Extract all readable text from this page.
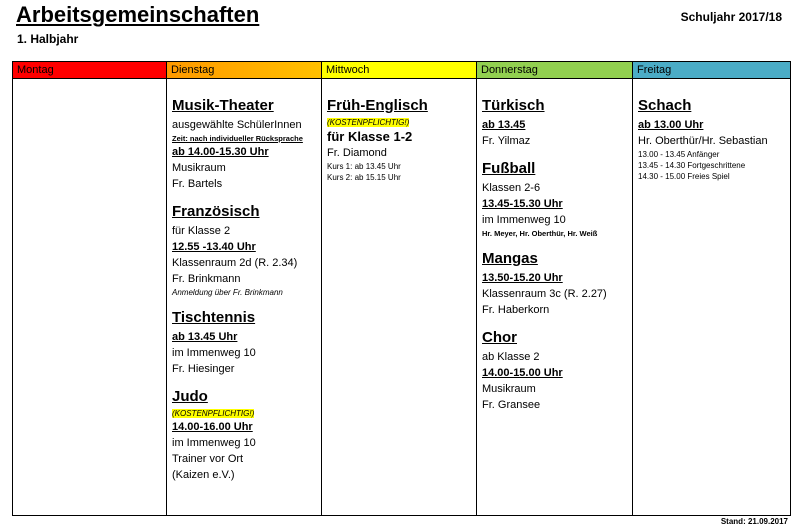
Arbeitsgemeinschaften
1. Halbjahr
Schuljahr 2017/18
Montag	Dienstag
Musik-Theater
ausgewählte SchülerInnen
Zeit: nach individueller Rücksprache
ab 14.00-15.30 Uhr
Musikraum
Fr. Bartels
Französisch
für Klasse 2
12.55 -13.40 Uhr
Klassenraum 2d (R. 2.34)
Fr. Brinkmann
Anmeldung über Fr. Brinkmann
Tischtennis
ab 13.45 Uhr
im Immenweg 10
Fr. Hiesinger
Judo
(KOSTENPFLICHTIG!)
14.00-16.00 Uhr
im Immenweg 10
Trainer vor Ort
(Kaizen e.V.)
Mittwoch
Früh-Englisch
(KOSTENPFLICHTIG!)
für Klasse 1-2
Fr. Diamond
Kurs 1: ab 13.45 Uhr
Kurs 2: ab 15.15 Uhr
Donnerstag
Türkisch
ab 13.45
Fr. Yilmaz
Fußball
Klassen 2-6
13.45-15.30 Uhr
im Immenweg 10
Hr. Meyer, Hr. Oberthür, Hr. Weiß
Mangas
13.50-15.20 Uhr
Klassenraum 3c (R. 2.27)
Fr. Haberkorn
Chor
ab Klasse 2
14.00-15.00 Uhr
Musikraum
Fr. Gransee
Freitag
Schach
ab 13.00 Uhr
Hr. Oberthür/Hr. Sebastian
13.00 - 13.45 Anfänger
13.45 - 14.30 Fortgeschrittene
14.30 - 15.00 Freies Spiel
Stand: 21.09.2017
